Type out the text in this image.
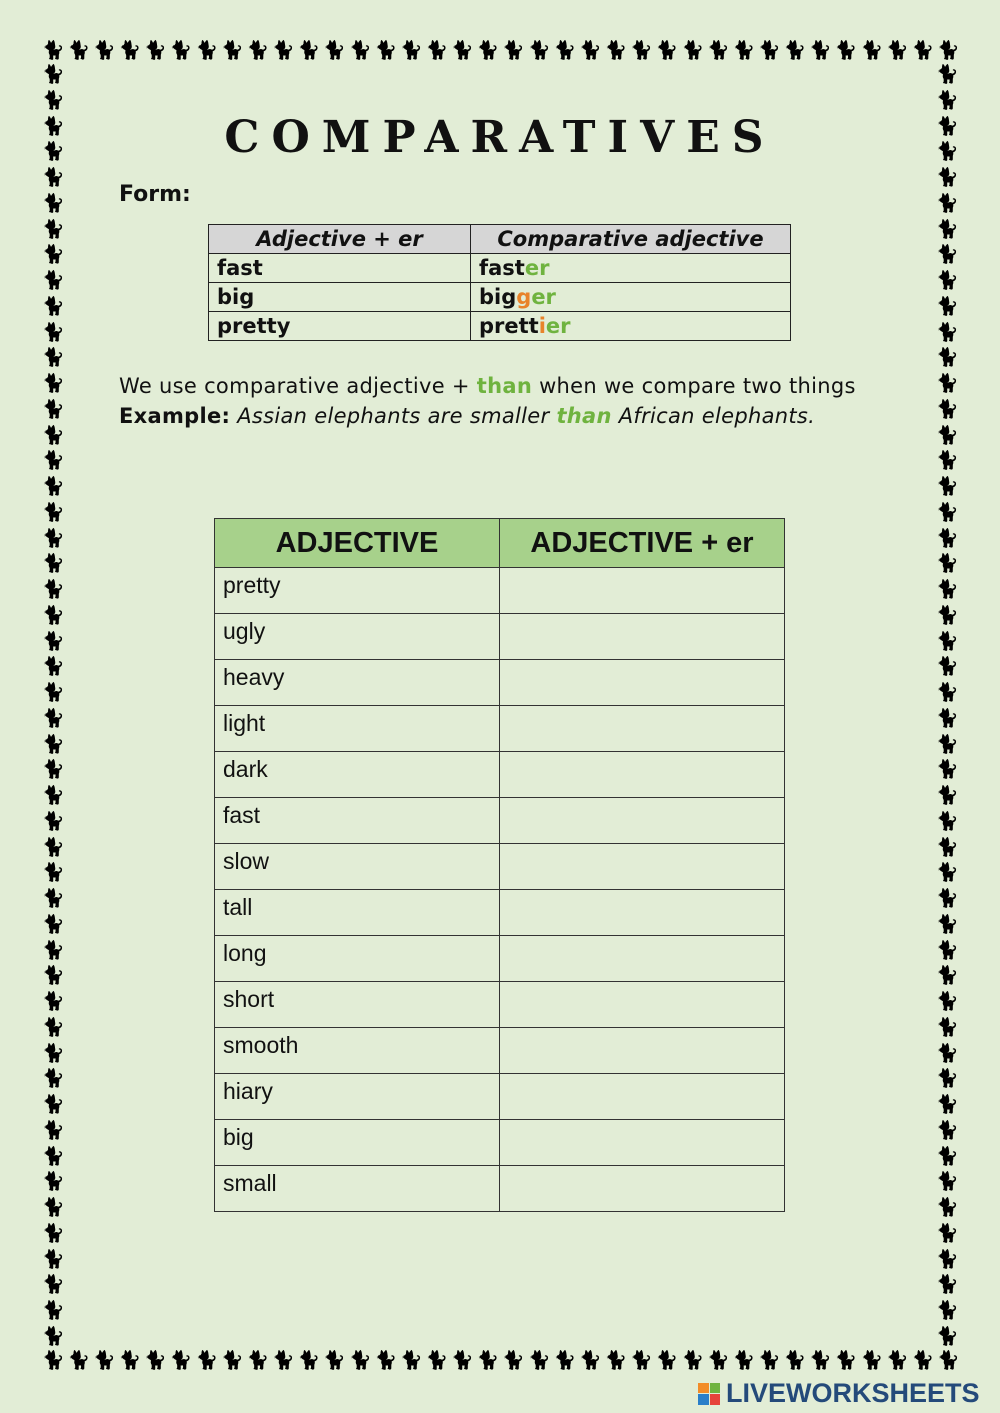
🐈 🐈 🐈 🐈 🐈 🐈 🐈 🐈 🐈 🐈 🐈 🐈 🐈 🐈 🐈 🐈 🐈 🐈 🐈 🐈 🐈 🐈 🐈 🐈 🐈 🐈 🐈 🐈 🐈 🐈 🐈 🐈 🐈 🐈 🐈 🐈
🐈 🐈 🐈 🐈 🐈 🐈 🐈 🐈 🐈 🐈 🐈 🐈 🐈 🐈 🐈 🐈 🐈 🐈 🐈 🐈 🐈 🐈 🐈 🐈 🐈 🐈 🐈 🐈 🐈 🐈 🐈 🐈 🐈 🐈 🐈 🐈
🐈
🐈
🐈
🐈
🐈
🐈
🐈
🐈
🐈
🐈
🐈
🐈
🐈
🐈
🐈
🐈
🐈
🐈
🐈
🐈
🐈
🐈
🐈
🐈
🐈
🐈
🐈
🐈
🐈
🐈
🐈
🐈
🐈
🐈
🐈
🐈
🐈
🐈
🐈
🐈
🐈
🐈
🐈
🐈
🐈
🐈
🐈
🐈
🐈
🐈
🐈
🐈
🐈
🐈
🐈
🐈
🐈
🐈
🐈
🐈
🐈
🐈
🐈
🐈
🐈
🐈
🐈
🐈
🐈
🐈
🐈
🐈
🐈
🐈
🐈
🐈
🐈
🐈
🐈
🐈
🐈
🐈
🐈
🐈
🐈
🐈
🐈
🐈
🐈
🐈
🐈
🐈
🐈
🐈
🐈
🐈
🐈
🐈
🐈
🐈
COMPARATIVES
Form:
Adjective + er	Comparative adjective
fast	faster
big	bigger
pretty	prettier
We use comparative adjective + than when we compare two things
Example: Assian elephants are smaller than African elephants.
ADJECTIVE	ADJECTIVE + er
pretty	
ugly	
heavy	
light	
dark	
fast	
slow	
tall	
long	
short	
smooth	
hiary	
big	
small	
LIVEWORKSHEETS
